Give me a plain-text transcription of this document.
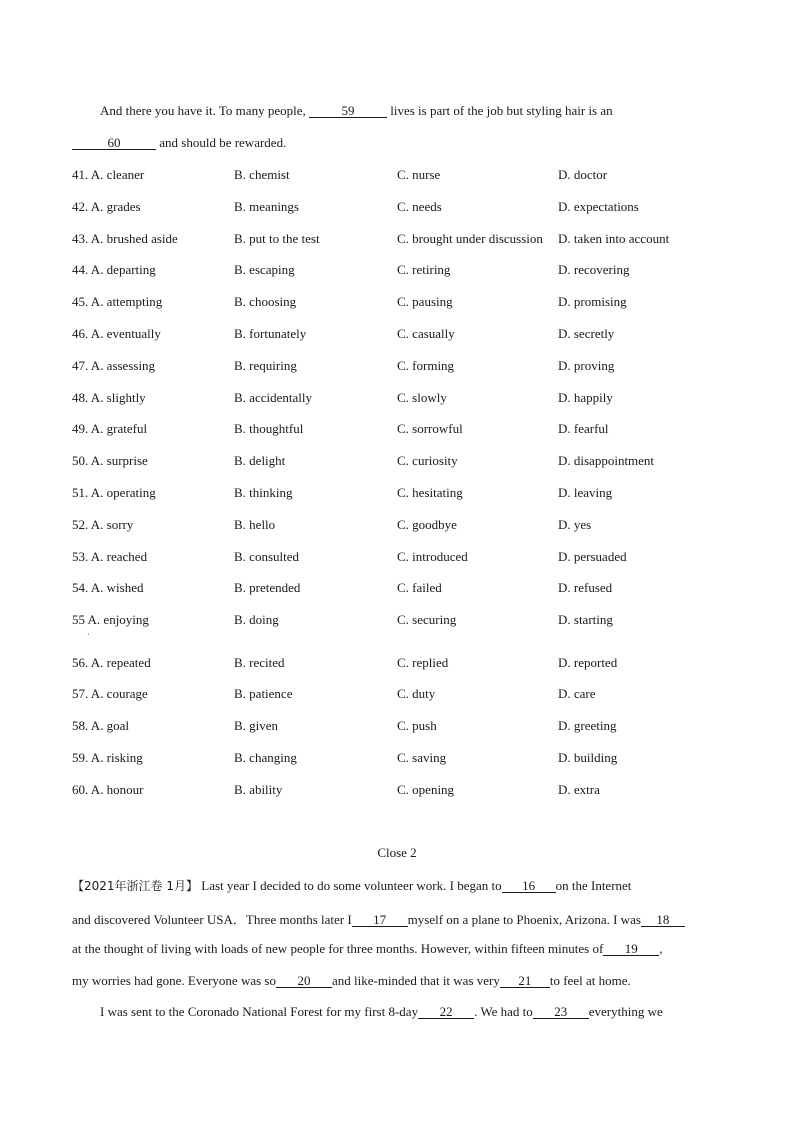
And there you have it. To many people,	59	lives is part of the job but styling hair is an
60	and should be rewarded.
41. A. cleaner	B. chemist	C. nurse	D. doctor
42. A. grades	B. meanings	C. needs	D. expectations
43. A. brushed aside	B. put to the test	C. brought under discussion D. taken into account
44. A. departing	B. escaping	C. retiring	D. recovering
45. A. attempting	B. choosing	C. pausing	D. promising
46. A. eventually	B. fortunately	C. casually	D. secretly
47. A. assessing	B. requiring	C. forming	D. proving
48. A. slightly	B. accidentally	C. slowly	D. happily
49. A. grateful	B. thoughtful	C. sorrowful	D. fearful
50. A. surprise	B. delight	C. curiosity	D. disappointment
51. A. operating	B. thinking	C. hesitating	D. leaving
52. A. sorry	B. hello	C. goodbye	D. yes
53. A. reached	B. consulted	C. introduced	D. persuaded
54. A. wished	B. pretended	C. failed	D. refused
55 A. enjoying	B. doing	C. securing	D. starting
56. A. repeated	B. recited	C. replied	D. reported
57. A. courage	B. patience	C. duty	D. care
58. A. goal	B. given	C. push	D. greeting
59. A. risking	B. changing	C. saving	D. building
60. A. honour	B. ability	C. opening	D. extra
·
Close 2
【2021年浙江卷 1月】 Last year I decided to do some volunteer work. I began to 16 on the Internet
and discovered Volunteer USA．Three months later I 17 myself on a plane to Phoenix, Arizona. I was 18
at the thought of living with loads of new people for three months. However, within fifteen minutes of 19 ,
my worries had gone. Everyone was so 20 and like-minded that it was very 21 to feel at home.
I was sent to the Coronado National Forest for my first 8-day 22 . We had to 23 everything we
